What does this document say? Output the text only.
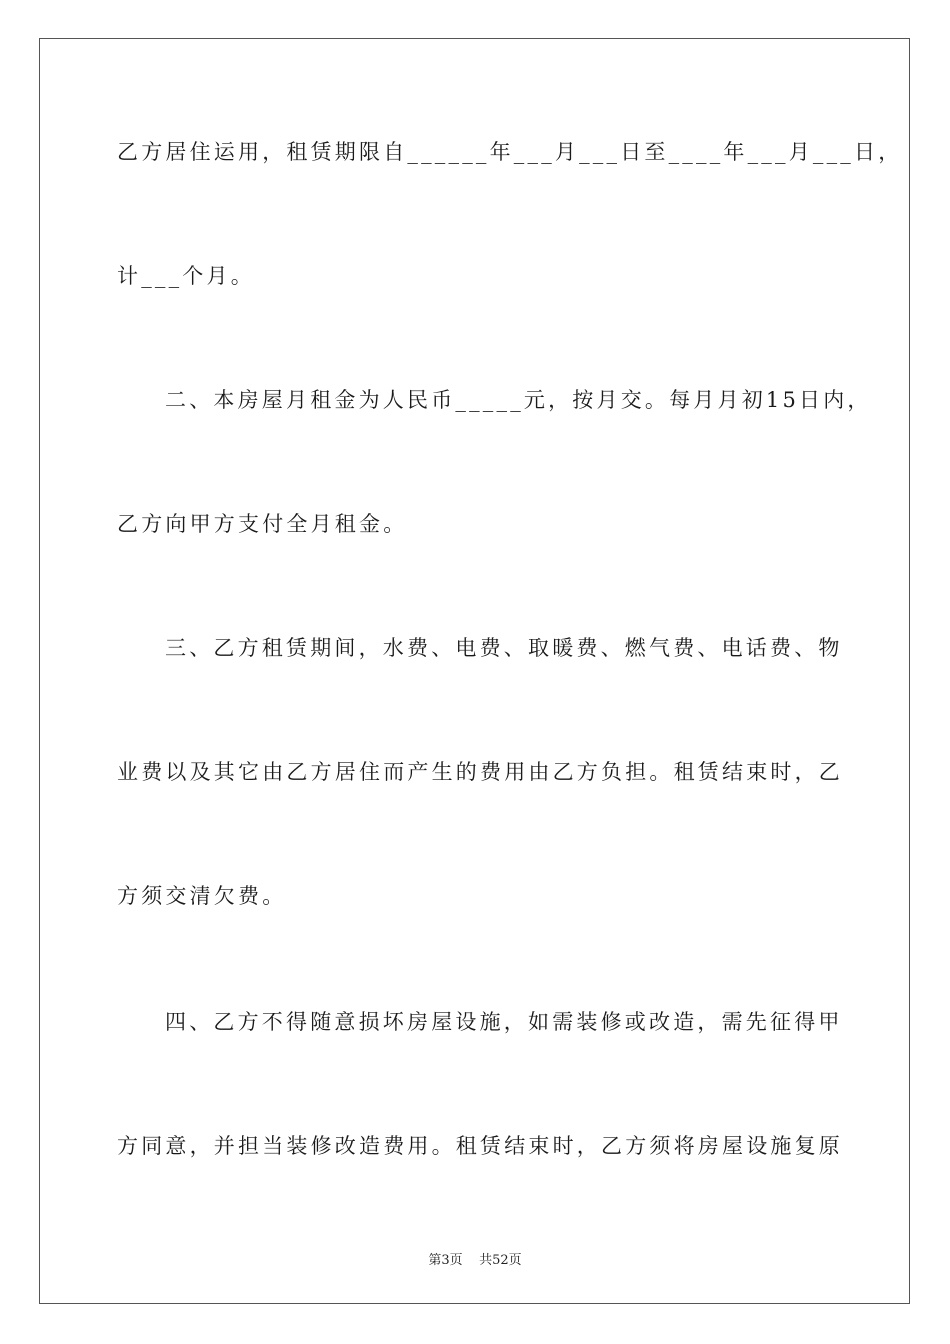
乙方居住运用，租赁期限自______年___月___日至____年___月___日，
计___个月。
二、本房屋月租金为人民币_____元，按月交。每月月初15日内，
乙方向甲方支付全月租金。
三、乙方租赁期间，水费、电费、取暖费、燃气费、电话费、物
业费以及其它由乙方居住而产生的费用由乙方负担。租赁结束时，乙
方须交清欠费。
四、乙方不得随意损坏房屋设施，如需装修或改造，需先征得甲
方同意，并担当装修改造费用。租赁结束时，乙方须将房屋设施复原
第3页    共52页
